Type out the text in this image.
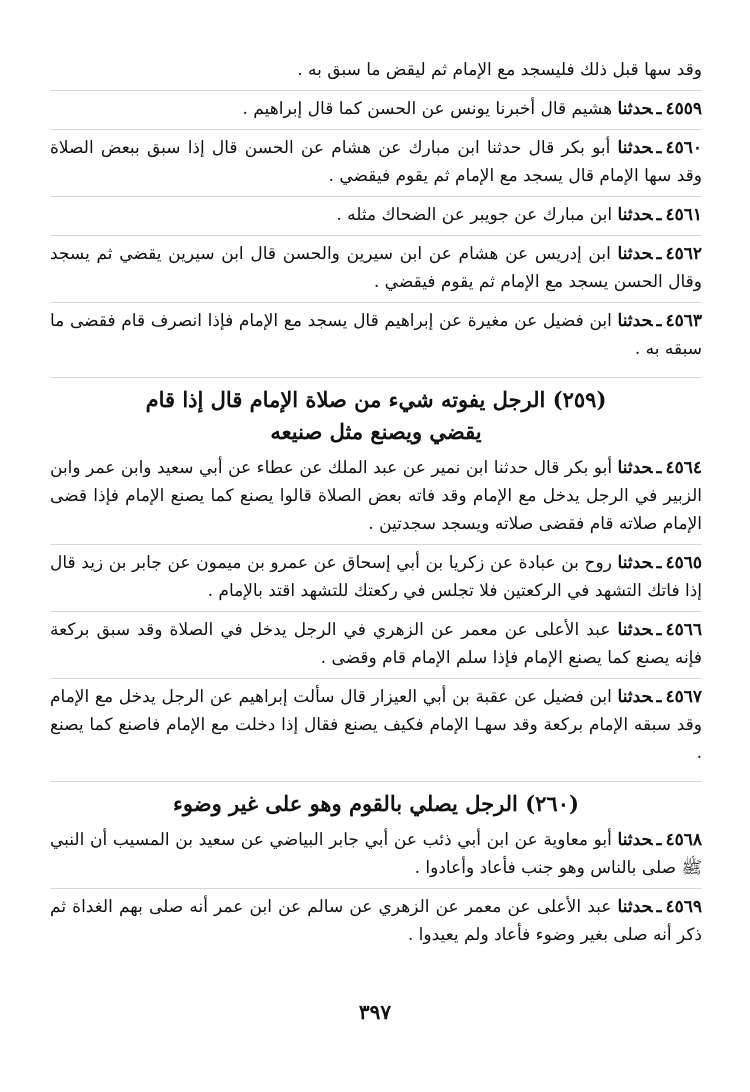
وقد سها قبل ذلك فليسجد مع الإمام ثم ليقض ما سبق به .

٤٥٥٩ـحدثنا هشيم قال أخبرنا يونس عن الحسن كما قال إبراهيم .

٤٥٦٠ـحدثنا أبو بكر قال حدثنا ابن مبارك عن هشام عن الحسن قال إذا سبق ببعض الصلاة وقد سها الإمام قال يسجد مع الإمام ثم يقوم فيقضي .

٤٥٦١ـحدثنا ابن مبارك عن جويبر عن الضحاك مثله .

٤٥٦٢ـحدثنا ابن إدريس عن هشام عن ابن سيرين والحسن قال ابن سيرين يقضي ثم يسجد وقال الحسن يسجد مع الإمام ثم يقوم فيقضي .

٤٥٦٣ـحدثنا ابن فضيل عن مغيرة عن إبراهيم قال يسجد مع الإمام فإذا انصرف قام فقضى ما سبقه به .

(٢٥٩) الرجل يفوته شيء من صلاة الإمام قال إذا قام
يقضي ويصنع مثل صنيعه

٤٥٦٤ـحدثنا أبو بكر قال حدثنا ابن نمير عن عبد الملك عن عطاء عن أبي سعيد وابن عمر وابن الزبير في الرجل يدخل مع الإمام وقد فاته بعض الصلاة قالوا يصنع كما يصنع الإمام فإذا قضى الإمام صلاته قام فقضى صلاته ويسجد سجدتين .

٤٥٦٥ـحدثنا روح بن عبادة عن زكريا بن أبي إسحاق عن عمرو بن ميمون عن جابر بن زيد قال إذا فاتك التشهد في الركعتين فلا تجلس في ركعتك للتشهد اقتد بالإمام .

٤٥٦٦ـحدثنا عبد الأعلى عن معمر عن الزهري في الرجل يدخل في الصلاة وقد سبق بركعة فإنه يصنع كما يصنع الإمام فإذا سلم الإمام قام وقضى .

٤٥٦٧ـحدثنا ابن فضيل عن عقبة بن أبي العيزار قال سألت إبراهيم عن الرجل يدخل مع الإمام وقد سبقه الإمام بركعة وقد سهـا الإمام فكيف يصنع فقال إذا دخلت مع الإمام فاصنع كما يصنع .

(٢٦٠) الرجل يصلي بالقوم وهو على غير وضوء

٤٥٦٨ـحدثنا أبو معاوية عن ابن أبي ذئب عن أبي جابر البياضي عن سعيد بن المسيب أن النبي ﷺ صلى بالناس وهو جنب فأعاد وأعادوا .

٤٥٦٩ـحدثنا عبد الأعلى عن معمر عن الزهري عن سالم عن ابن عمر أنه صلى بهم الغداة ثم ذكر أنه صلى بغير وضوء فأعاد ولم يعيدوا .

٣٩٧
